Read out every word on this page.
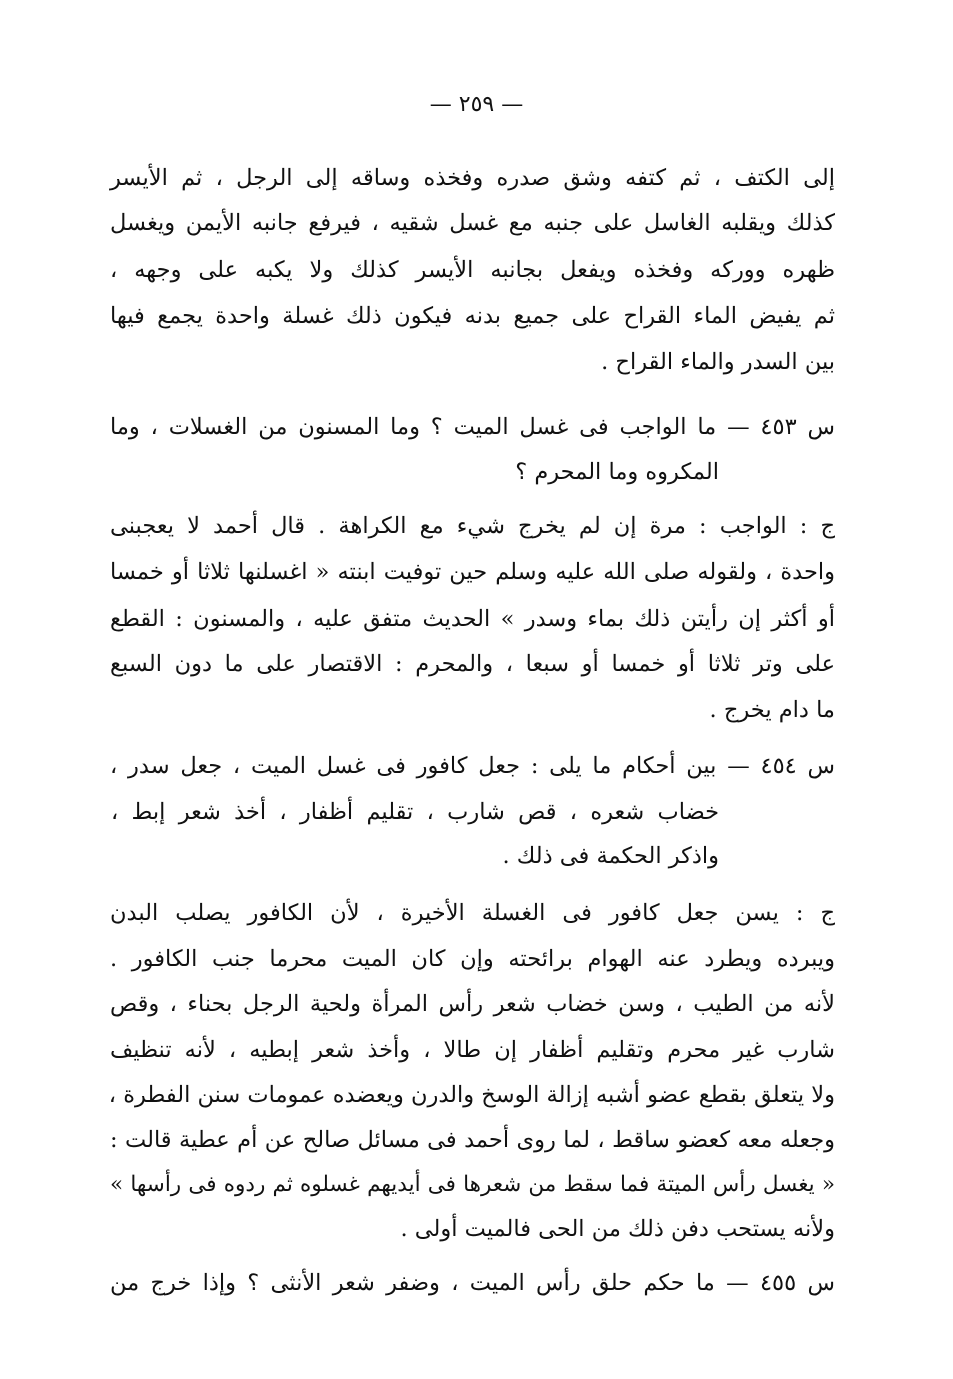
— ٢٥٩ —
إلى الكتف ، ثم كتفه وشق صدره وفخذه وساقه إلى الرجل ، ثم الأيسر
كذلك ويقلبه الغاسل على جنبه مع غسل شقيه ، فيرفع جانبه الأيمن ويغسل
ظهره ووركه وفخذه ويفعل بجانبه الأيسر كذلك ولا يكبه على وجهه ،
ثم يفيض الماء القراح على جميع بدنه فيكون ذلك غسلة واحدة يجمع فيها
بين السدر والماء القراح .
س ٤٥٣ — ما الواجب فى غسل الميت ؟ وما المسنون من الغسلات ، وما
المكروه وما المحرم ؟
ج : الواجب : مرة إن لم يخرج شيء مع الكراهة . قال أحمد لا يعجبنى
واحدة ، ولقوله صلى الله عليه وسلم حين توفيت ابنته « اغسلنها ثلاثا أو خمسا
أو أكثر إن رأيتن ذلك بماء وسدر » الحديث متفق عليه ، والمسنون : القطع
على وتر ثلاثا أو خمسا أو سبعا ، والمحرم : الاقتصار على ما دون السبع
ما دام يخرج .
س ٤٥٤ — بين أحكام ما يلى : جعل كافور فى غسل الميت ، جعل سدر ،
خضاب شعره ، قص شارب ، تقليم أظفار ، أخذ شعر إبط ،
واذكر الحكمة فى ذلك .
ج : يسن جعل كافور فى الغسلة الأخيرة ، لأن الكافور يصلب البدن
ويبرده ويطرد عنه الهوام برائحته وإن كان الميت محرما جنب الكافور .
لأنه من الطيب ، وسن خضاب شعر رأس المرأة ولحية الرجل بحناء ، وقص
شارب غير محرم وتقليم أظفار إن طالا ، وأخذ شعر إبطيه ، لأنه تنظيف
ولا يتعلق بقطع عضو أشبه إزالة الوسخ والدرن ويعضده عمومات سنن الفطرة ،
وجعله معه كعضو ساقط ، لما روى أحمد فى مسائل صالح عن أم عطية قالت :
« يغسل رأس الميتة فما سقط من شعرها فى أيديهم غسلوه ثم ردوه فى رأسها »
ولأنه يستحب دفن ذلك من الحى فالميت أولى .
س ٤٥٥ — ما حكم حلق رأس الميت ، وضفر شعر الأنثى ؟ وإذا خرج من
